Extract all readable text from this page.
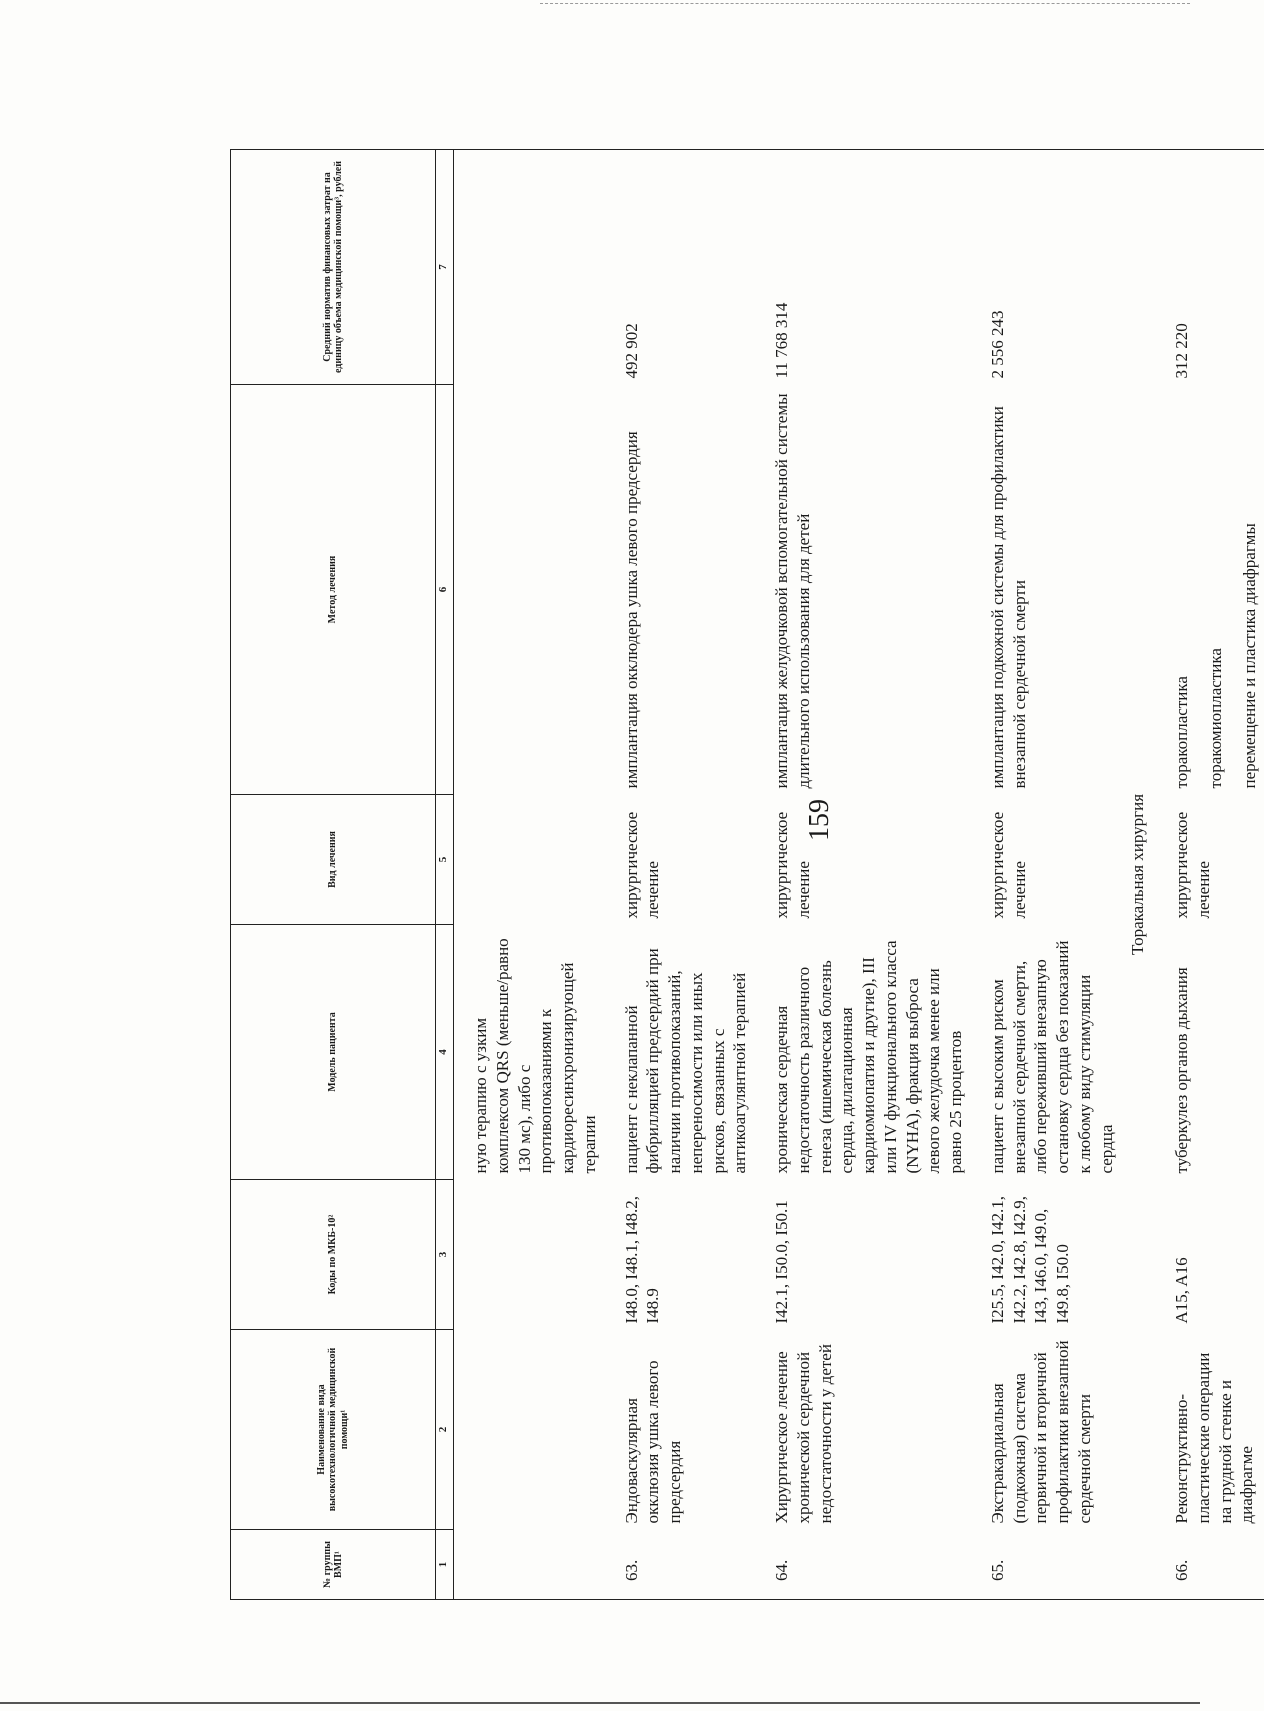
159
№ группы ВМП¹	Наименование вида высокотехнологичной медицинской помощи¹	Коды по МКБ-10²	Модель пациента	Вид лечения	Метод лечения	Средний норматив финансовых затрат на единицу объема медицинской помощи³, рублей
1	2	3	4	5	6	7
			ную терапию с узким комплексом QRS (меньше/равно 130 мс), либо с противопоказаниями к кардиоресинхронизирующей терапии			
63.	Эндоваскулярная окклюзия ушка левого предсердия	I48.0, I48.1, I48.2, I48.9	пациент с неклапанной фибрилляцией предсердий при наличии противопоказаний, непереносимости или иных рисков, связанных с антикоагулянтной терапией	хирургическое лечение	имплантация окклюдера ушка левого предсердия	492 902
64.	Хирургическое лечение хронической сердечной недостаточности у детей	I42.1, I50.0, I50.1	хроническая сердечная недостаточность различного генеза (ишемическая болезнь сердца, дилатационная кардиомиопатия и другие), III или IV функционального класса (NYHA), фракция выброса левого желудочка менее или равно 25 процентов	хирургическое лечение	имплантация желудочковой вспомогательной системы длительного использования для детей	11 768 314
65.	Экстракардиальная (подкожная) система первичной и вторичной профилактики внезапной сердечной смерти	I25.5, I42.0, I42.1, I42.2, I42.8, I42.9, I43, I46.0, I49.0, I49.8, I50.0	пациент с высоким риском внезапной сердечной смерти, либо переживший внезапную остановку сердца без показаний к любому виду стимуляции сердца	хирургическое лечение	имплантация подкожной системы для профилактики внезапной сердечной смерти	2 556 243
Торакальная хирургия						
66.	Реконструктивно-пластические операции на грудной стенке и диафрагме	A15, A16	туберкулез органов дыхания	хирургическое лечение	торакопластика торакомиопластика перемещение и пластика диафрагмы	312 220
